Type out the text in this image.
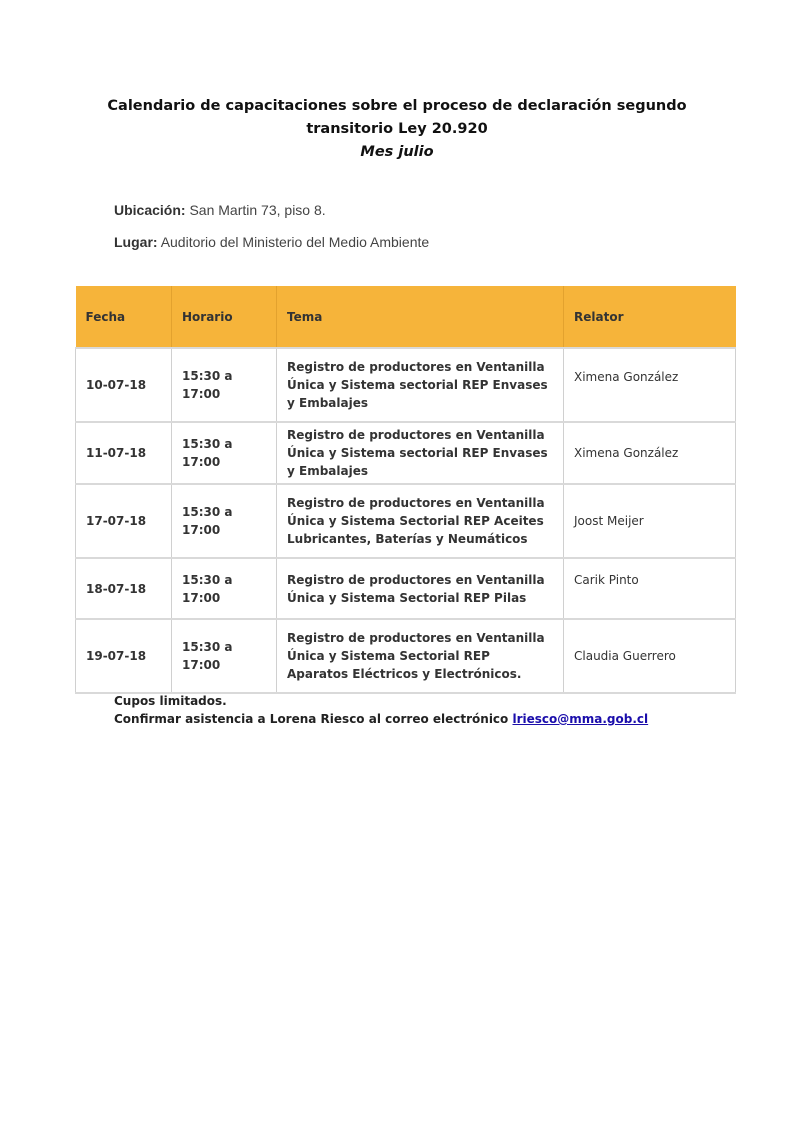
Calendario de capacitaciones sobre el proceso de declaración segundo
transitorio Ley 20.920
Mes julio
Ubicación: San Martin 73, piso 8.
Lugar: Auditorio del Ministerio del Medio Ambiente
Fecha	Horario	Tema	Relator
10-07-18	15:30 a 17:00	Registro de productores en Ventanilla Única y Sistema sectorial REP Envases y Embalajes	Ximena González
11-07-18	15:30 a 17:00	Registro de productores en Ventanilla Única y Sistema sectorial REP Envases y Embalajes	Ximena González
17-07-18	15:30 a 17:00	Registro de productores en Ventanilla Única y Sistema Sectorial REP Aceites Lubricantes, Baterías y Neumáticos	Joost Meijer
18-07-18	15:30 a 17:00	Registro de productores en Ventanilla Única y Sistema Sectorial REP Pilas	Carik Pinto
19-07-18	15:30 a 17:00	Registro de productores en Ventanilla Única y Sistema Sectorial REP Aparatos Eléctricos y Electrónicos.	Claudia Guerrero
Cupos limitados.
Confirmar asistencia a Lorena Riesco al correo electrónico lriesco@mma.gob.cl
